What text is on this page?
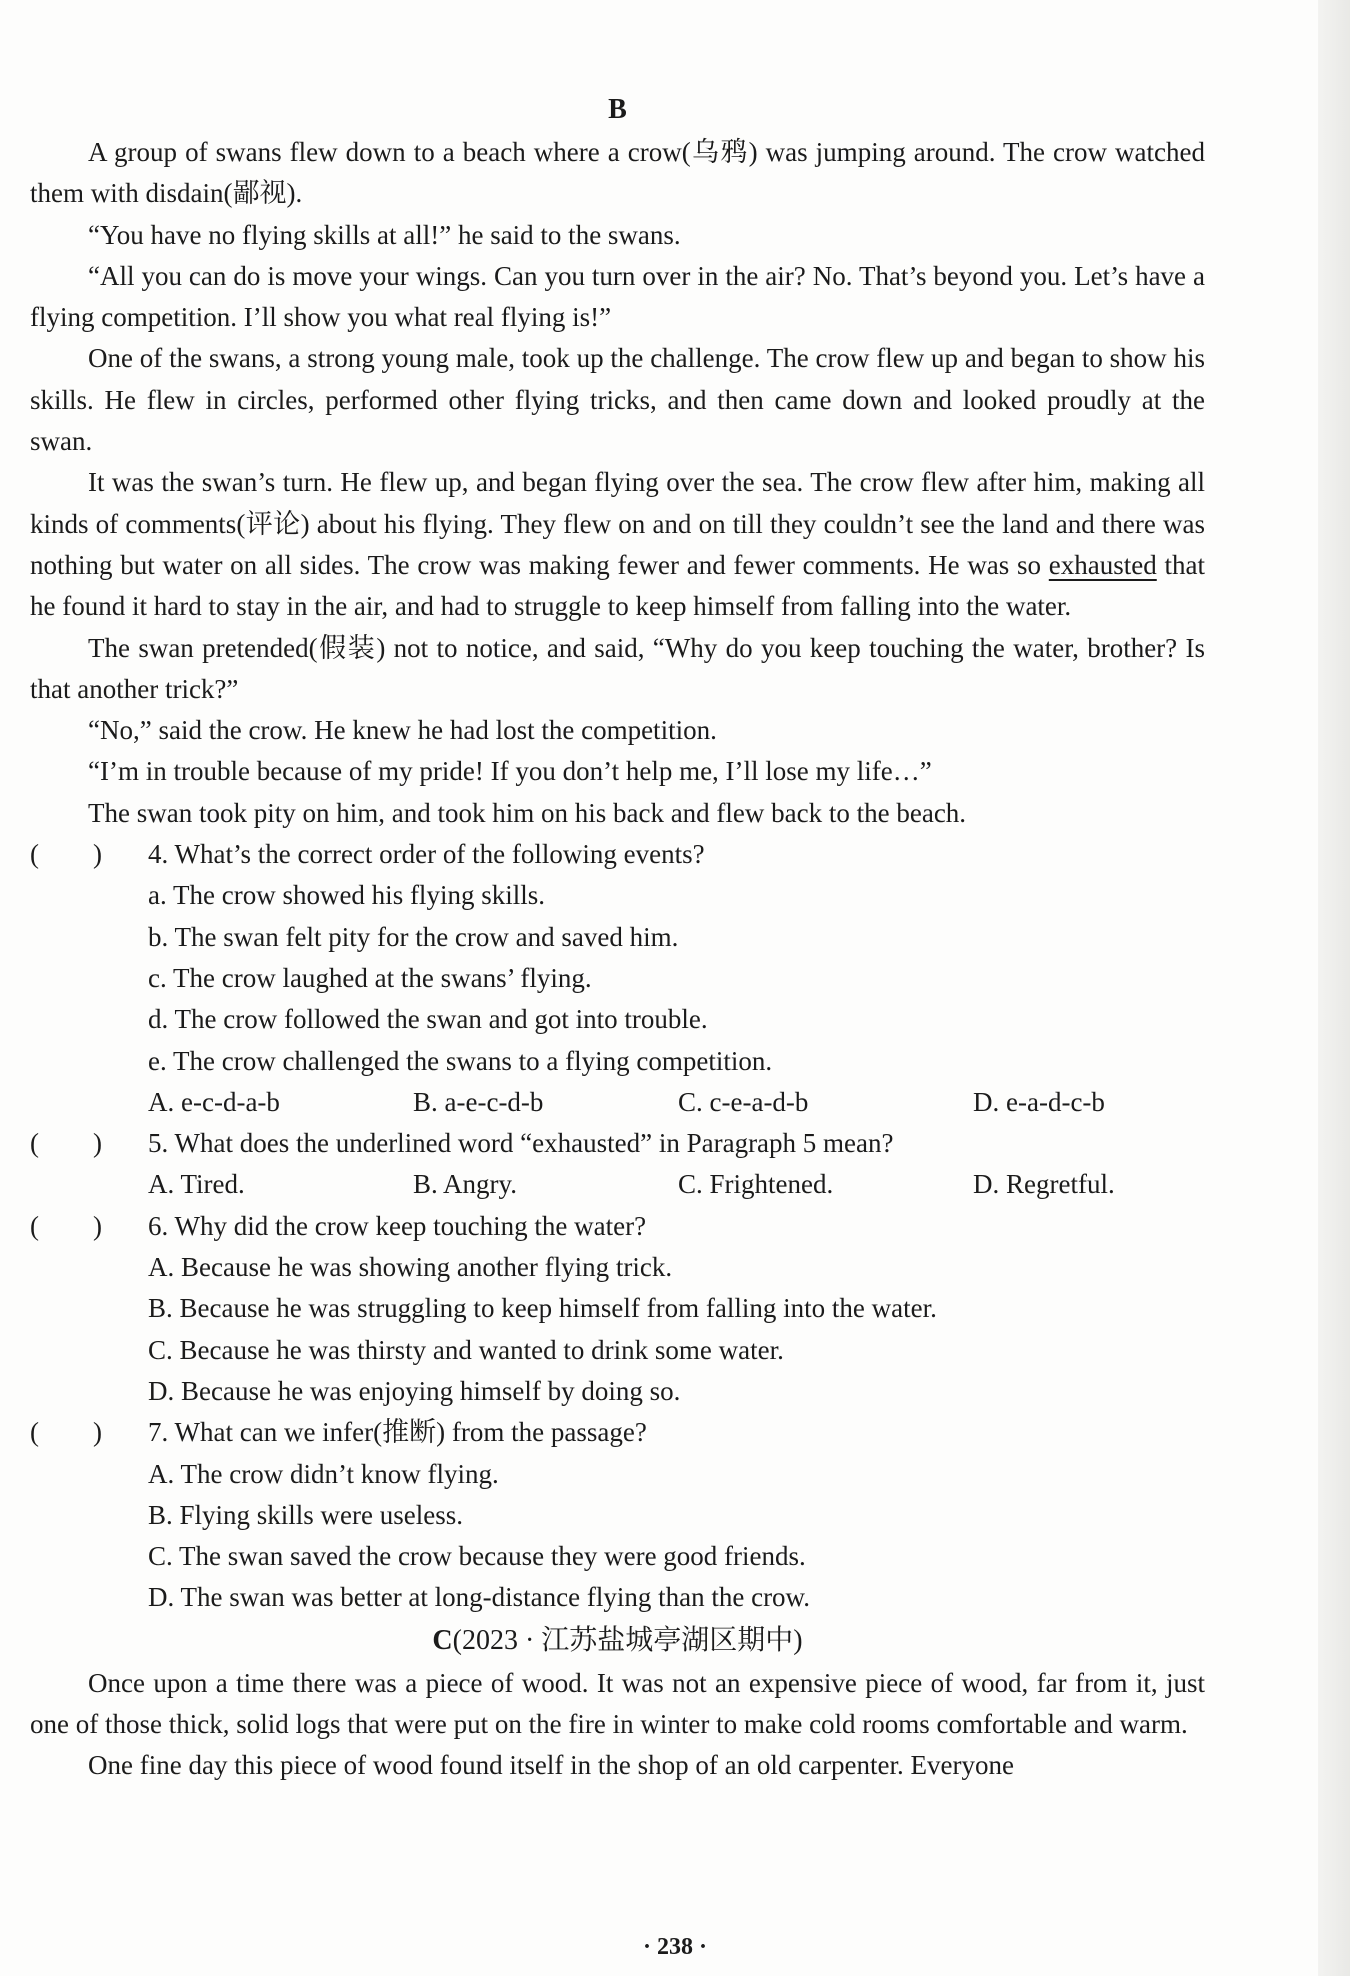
B

A group of swans flew down to a beach where a crow(乌鸦) was jumping around. The crow watched them with disdain(鄙视).

“You have no flying skills at all!” he said to the swans.

“All you can do is move your wings. Can you turn over in the air? No. That’s beyond you. Let’s have a flying competition. I’ll show you what real flying is!”

One of the swans, a strong young male, took up the challenge. The crow flew up and began to show his skills. He flew in circles, performed other flying tricks, and then came down and looked proudly at the swan.

It was the swan’s turn. He flew up, and began flying over the sea. The crow flew after him, making all kinds of comments(评论) about his flying. They flew on and on till they couldn’t see the land and there was nothing but water on all sides. The crow was making fewer and fewer comments. He was so exhausted that he found it hard to stay in the air, and had to struggle to keep himself from falling into the water.

The swan pretended(假装) not to notice, and said, “Why do you keep touching the water, brother? Is that another trick?”

“No,” said the crow. He knew he had lost the competition.

“I’m in trouble because of my pride! If you don’t help me, I’ll lose my life…”

The swan took pity on him, and took him on his back and flew back to the beach.

(        ) 4. What’s the correct order of the following events?

a. The crow showed his flying skills.

b. The swan felt pity for the crow and saved him.

c. The crow laughed at the swans’ flying.

d. The crow followed the swan and got into trouble.

e. The crow challenged the swans to a flying competition.

A. e-c-d-a-b	B. a-e-c-d-b	C. c-e-a-d-b	D. e-a-d-c-b

(        ) 5. What does the underlined word “exhausted” in Paragraph 5 mean?

A. Tired.	B. Angry.	C. Frightened.	D. Regretful.

(        ) 6. Why did the crow keep touching the water?

A. Because he was showing another flying trick.

B. Because he was struggling to keep himself from falling into the water.

C. Because he was thirsty and wanted to drink some water.

D. Because he was enjoying himself by doing so.

(        ) 7. What can we infer(推断) from the passage?

A. The crow didn’t know flying.

B. Flying skills were useless.

C. The swan saved the crow because they were good friends.

D. The swan was better at long-distance flying than the crow.

C(2023 · 江苏盐城亭湖区期中)

Once upon a time there was a piece of wood. It was not an expensive piece of wood, far from it, just one of those thick, solid logs that were put on the fire in winter to make cold rooms comfortable and warm.

One fine day this piece of wood found itself in the shop of an old carpenter. Everyone

· 238 ·
